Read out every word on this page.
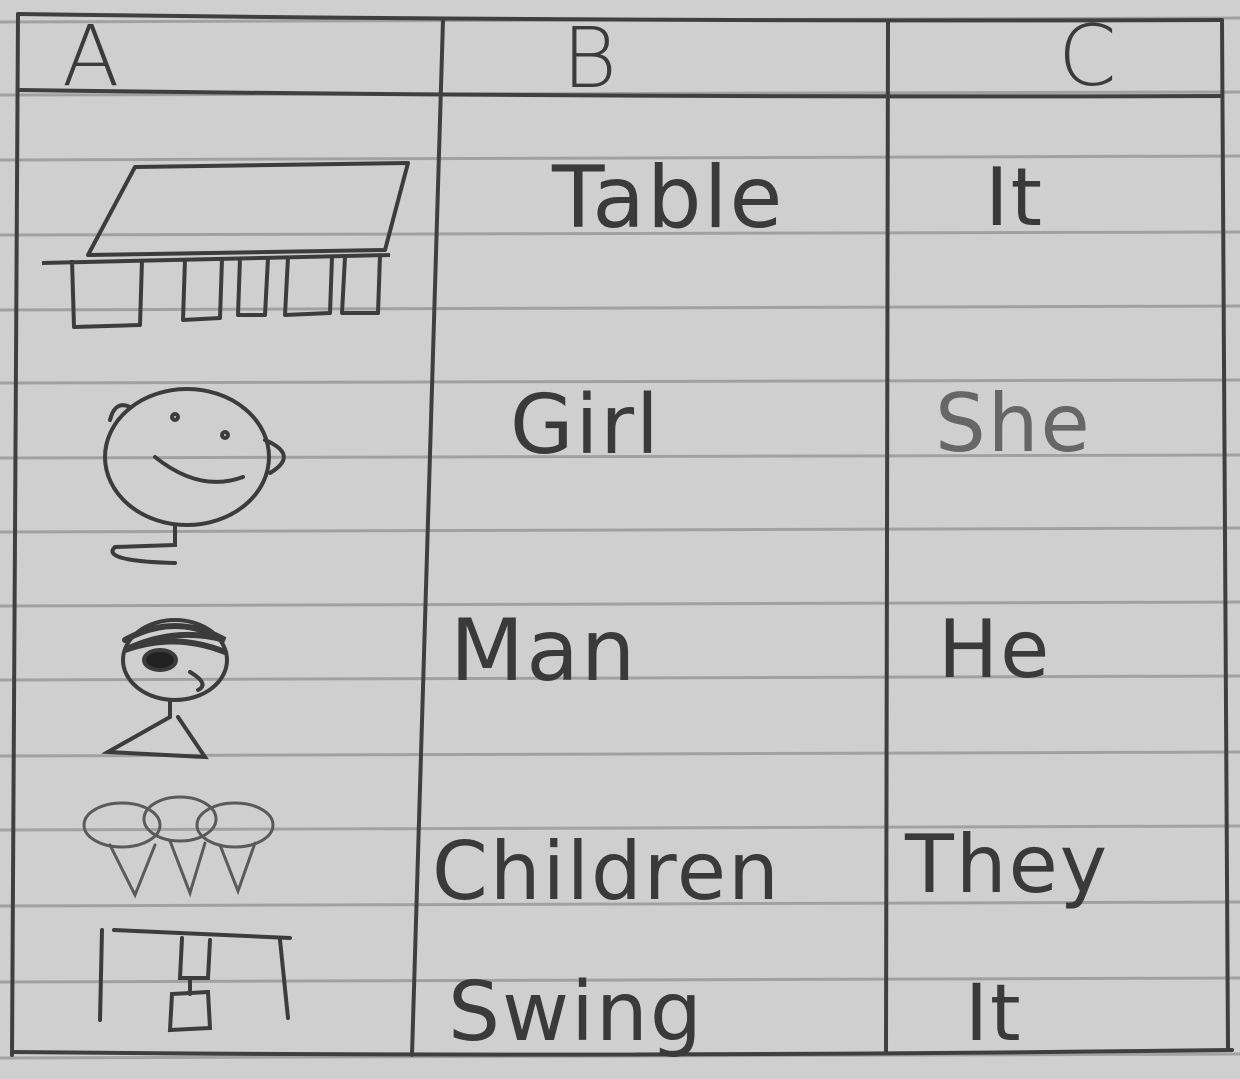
A	B	C
Table	It
Girl	She
Man	He
Children They
Swing	It
